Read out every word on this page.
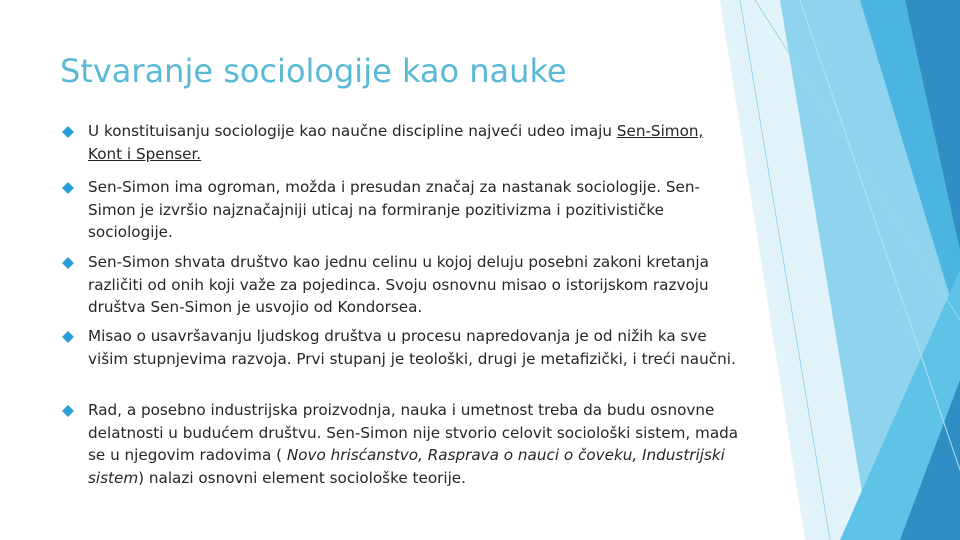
Stvaranje sociologije kao nauke
U konstituisanju sociologije kao naučne discipline najveći udeo imaju Sen-Simon, Kont i Spenser.
Sen-Simon ima ogroman, možda i presudan značaj za nastanak sociologije. Sen-Simon je izvršio najznačajniji uticaj na formiranje pozitivizma i pozitivističke sociologije.
Sen-Simon shvata društvo kao jednu celinu u kojoj deluju posebni zakoni kretanja različiti od onih koji važe za pojedinca. Svoju osnovnu misao o istorijskom razvoju društva Sen-Simon je usvojio od Kondorsea.
Misao o usavršavanju ljudskog društva u procesu napredovanja je od nižih ka sve višim stupnjevima razvoja. Prvi stupanj je teološki, drugi je metafizički, i treći naučni.
Rad, a posebno industrijska proizvodnja, nauka i umetnost treba da budu osnovne delatnosti u budućem društvu. Sen-Simon nije stvorio celovit sociološki sistem, mada se u njegovim radovima ( Novo hrisćanstvo, Rasprava o nauci o čoveku, Industrijski sistem) nalazi osnovni element sociološke teorije.
